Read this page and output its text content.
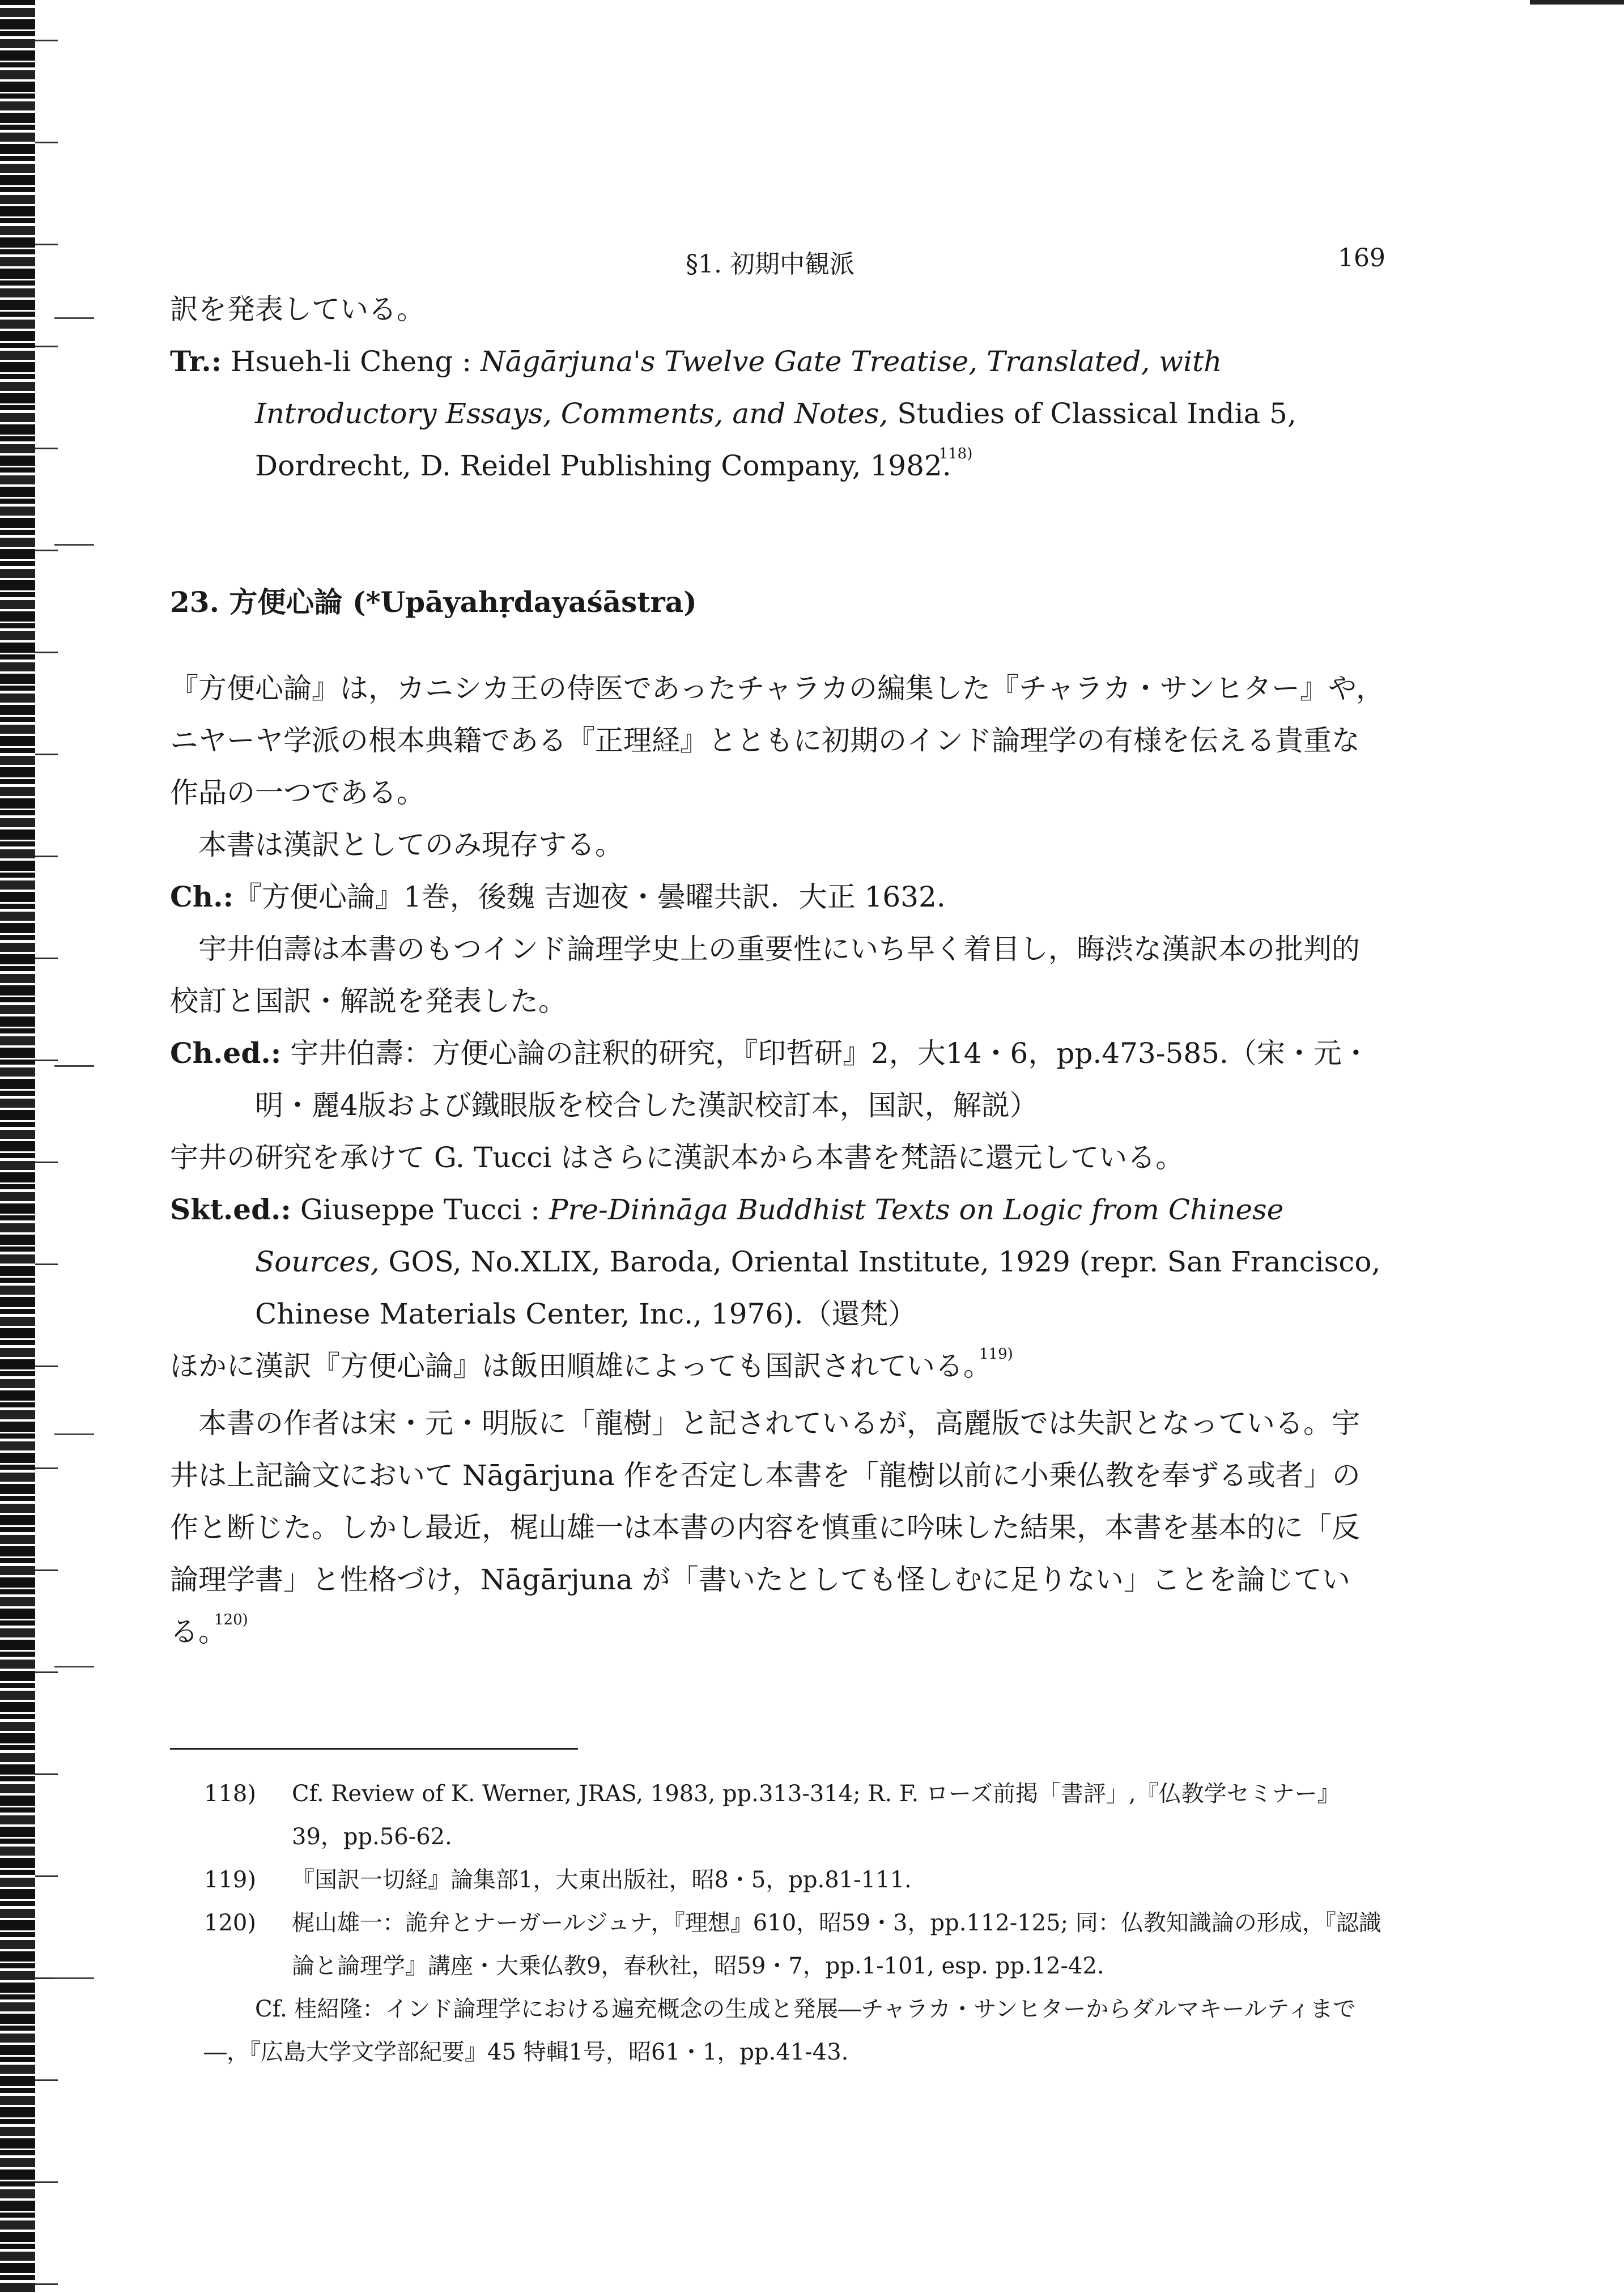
§1. 初期中観派	169

訳を発表している。

Tr.: Hsueh-li Cheng : Nāgārjuna's Twelve Gate Treatise, Translated, with Introductory Essays, Comments, and Notes, Studies of Classical India 5, Dordrecht, D. Reidel Publishing Company, 1982.$^{118)}$

23. 方便心論 (*Upāyahṛdayaśāstra)

『方便心論』は，カニシカ王の侍医であったチャラカの編集した『チャラカ・サンヒター』や，ニヤーヤ学派の根本典籍である『正理経』とともに初期のインド論理学の有様を伝える貴重な作品の一つである。

本書は漢訳としてのみ現存する。

Ch.:『方便心論』1巻，後魏 吉迦夜・曇曜共訳．大正 1632.

宇井伯壽は本書のもつインド論理学史上の重要性にいち早く着目し，晦渋な漢訳本の批判的校訂と国訳・解説を発表した。

Ch.ed.: 宇井伯壽：方便心論の註釈的研究，『印哲研』2，大14・6，pp.473-585.（宋・元・明・麗4版および鐵眼版を校合した漢訳校訂本，国訳，解説）

宇井の研究を承けて G. Tucci はさらに漢訳本から本書を梵語に還元している。

Skt.ed.: Giuseppe Tucci : Pre-Diṅnāga Buddhist Texts on Logic from Chinese Sources, GOS, No.XLIX, Baroda, Oriental Institute, 1929 (repr. San Francisco, Chinese Materials Center, Inc., 1976).（還梵）

ほかに漢訳『方便心論』は飯田順雄によっても国訳されている。$^{119)}$

本書の作者は宋・元・明版に「龍樹」と記されているが，高麗版では失訳となっている。宇井は上記論文において Nāgārjuna 作を否定し本書を「龍樹以前に小乗仏教を奉ずる或者」の作と断じた。しかし最近，梶山雄一は本書の内容を慎重に吟味した結果，本書を基本的に「反論理学書」と性格づけ，Nāgārjuna が「書いたとしても怪しむに足りない」ことを論じている。$^{120)}$

118) Cf. Review of K. Werner, JRAS, 1983, pp.313-314; R. F. ローズ前掲「書評」,『仏教学セミナー』39，pp.56-62.

119) 『国訳一切経』論集部1，大東出版社，昭8・5，pp.81-111.

120) 梶山雄一：詭弁とナーガールジュナ，『理想』610，昭59・3，pp.112-125; 同：仏教知識論の形成，『認識論と論理学』講座・大乗仏教9，春秋社，昭59・7，pp.1-101, esp. pp.12-42.

Cf. 桂紹隆：インド論理学における遍充概念の生成と発展―チャラカ・サンヒターからダルマキールティまで―，『広島大学文学部紀要』45 特輯1号，昭61・1，pp.41-43.
